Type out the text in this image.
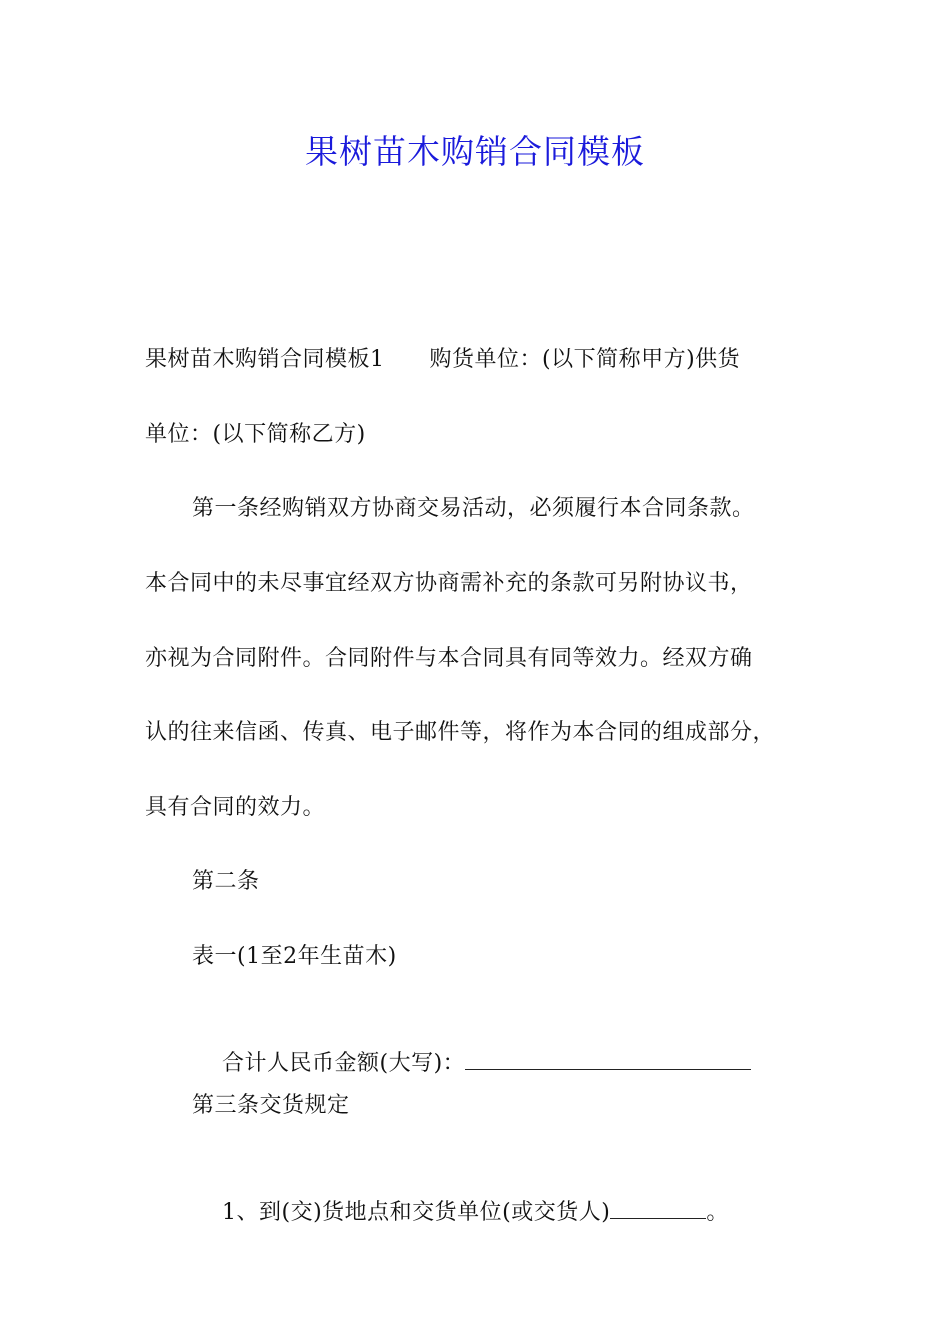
果树苗木购销合同模板
果树苗木购销合同模板1　　购货单位：(以下简称甲方)供货
单位：(以下简称乙方)
第一条经购销双方协商交易活动，必须履行本合同条款。
本合同中的未尽事宜经双方协商需补充的条款可另附协议书，
亦视为合同附件。合同附件与本合同具有同等效力。经双方确
认的往来信函、传真、电子邮件等，将作为本合同的组成部分，
具有合同的效力。
第二条
表一(1至2年生苗木)

合计人民币金额(大写)：

第三条交货规定

1、到(交)货地点和交货单位(或交货人)	。
